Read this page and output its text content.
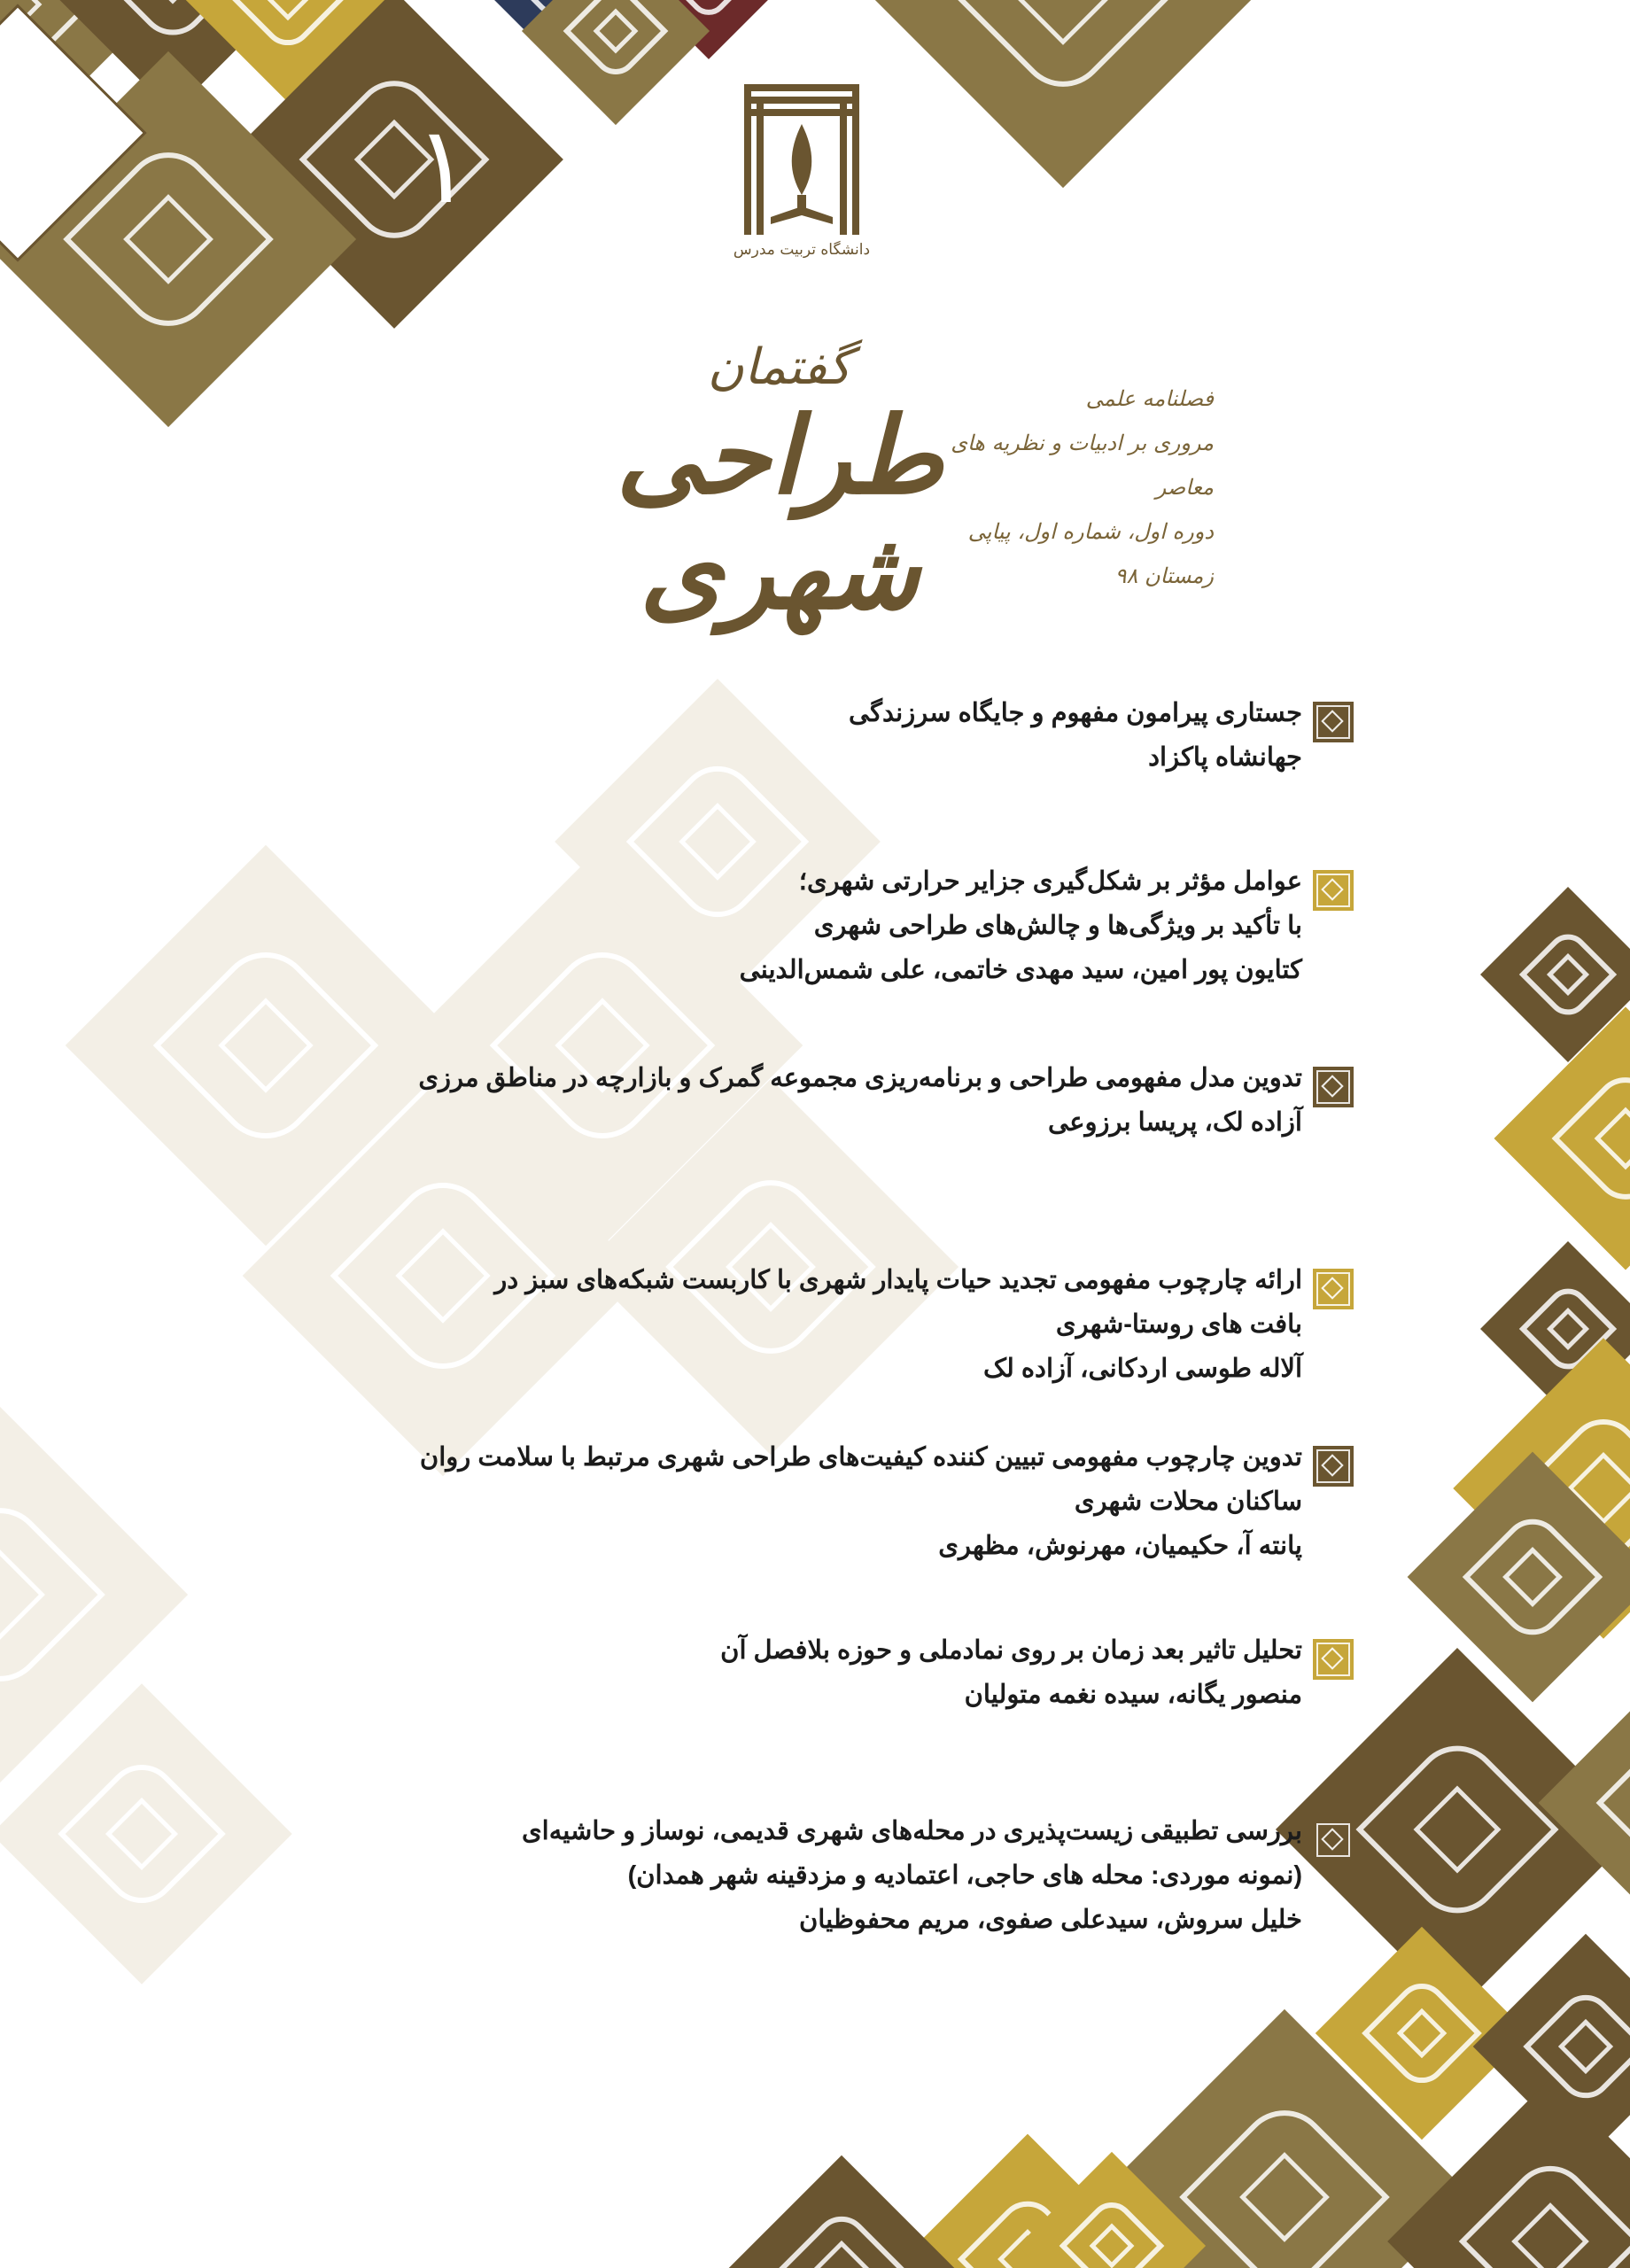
۱
دانشگاه تربیت مدرس
گفتمان
طراحی شهری
فصلنامه علمی
مروری بر ادبیات و نظریه های معاصر
دوره اول، شماره اول، پیاپی زمستان ۹۸

جستاری پیرامون مفهوم و جایگاه سرزندگی

جهانشاه پاکزاد

عوامل مؤثر بر شکل‌گیری جزایر حرارتی شهری؛

با تأکید بر ویژگی‌ها و چالش‌های طراحی شهری

کتایون پور امین، سید مهدی خاتمی، علی شمس‌الدینی

تدوین مدل مفهومی طراحی و برنامه‌ریزی مجموعه گمرک و بازارچه در مناطق مرزی

آزاده لک، پریسا برزوعی

ارائه چارچوب مفهومی تجدید حیات پایدار شهری با کاربست شبکه‌های سبز در

بافت های روستا-شهری

آلاله طوسی اردکانی، آزاده لک

تدوین چارچوب مفهومی تبیین کننده کیفیت‌های طراحی شهری مرتبط با سلامت روان

ساکنان محلات شهری

پانته آ، حکیمیان، مهرنوش، مظهری

تحلیل تاثیر بعد زمان بر روی نمادملی و حوزه بلافصل آن

منصور یگانه، سیده نغمه متولیان

بررسی تطبیقی زیست‌پذیری در محله‌های شهری قدیمی، نوساز و حاشیه‌ای

(نمونه موردی: محله های حاجی، اعتمادیه و مزدقینه شهر همدان)

خلیل سروش، سیدعلی صفوی، مریم محفوظیان
